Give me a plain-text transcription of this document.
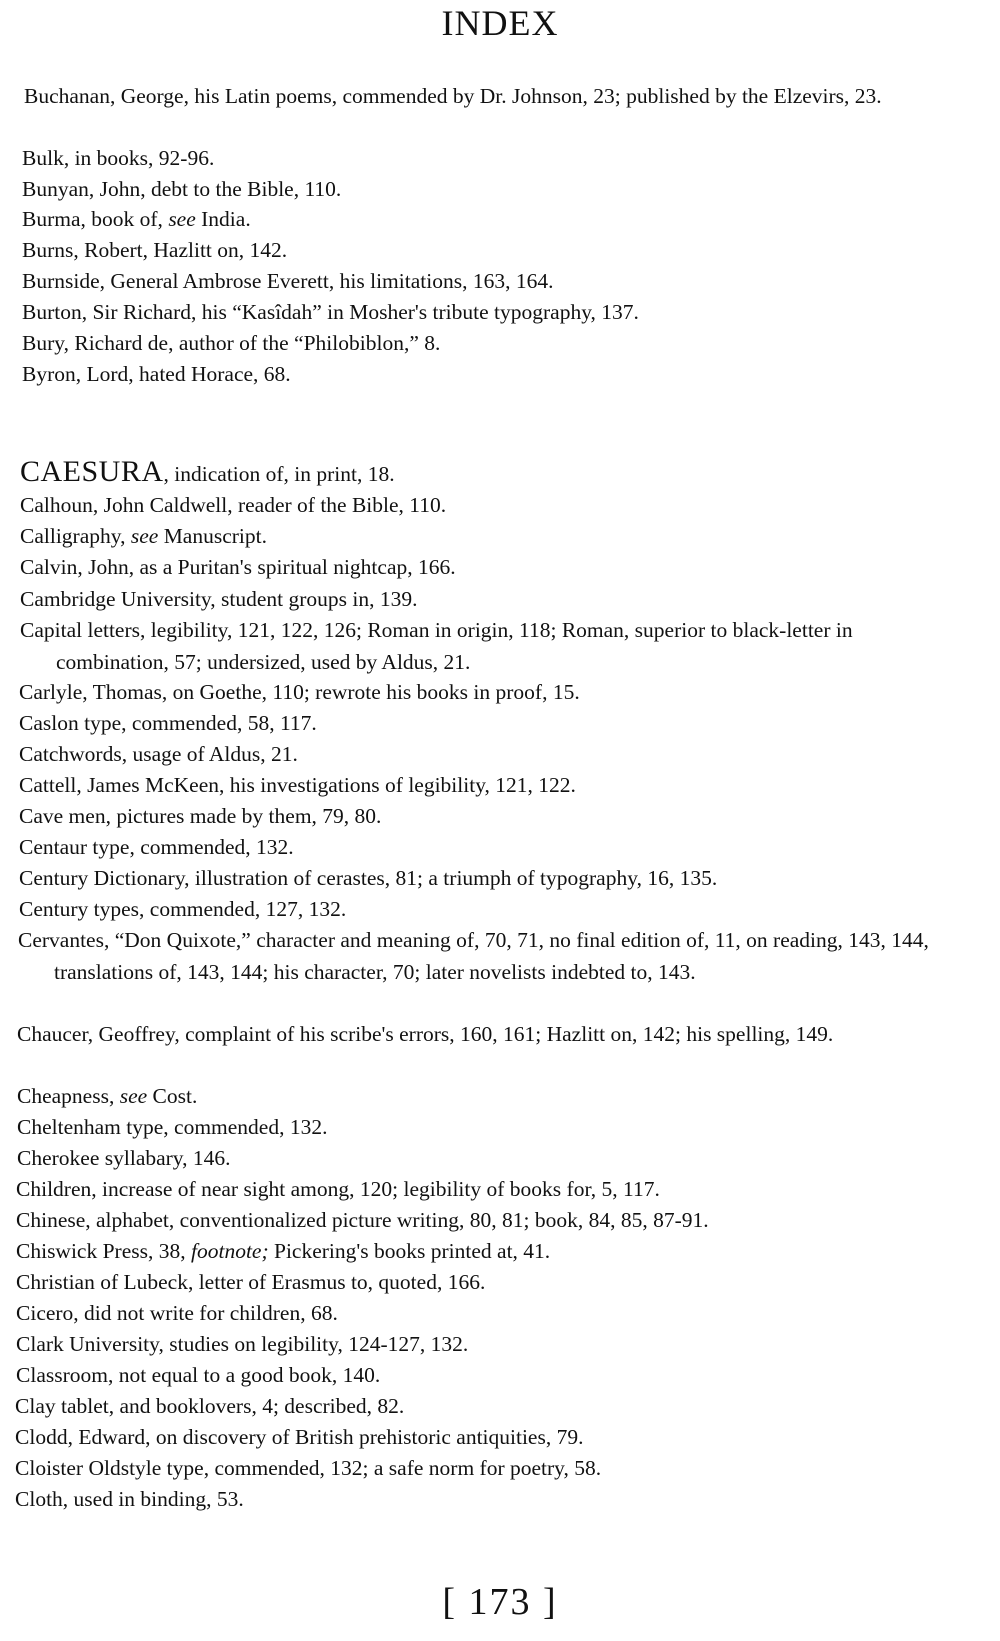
INDEX
Buchanan, George, his Latin poems, commended by Dr. Johnson, 23; published by the Elzevirs, 23.
Bulk, in books, 92-96.
Bunyan, John, debt to the Bible, 110.
Burma, book of, see India.
Burns, Robert, Hazlitt on, 142.
Burnside, General Ambrose Everett, his limitations, 163, 164.
Burton, Sir Richard, his “Kasîdah” in Mosher's tribute typography, 137.
Bury, Richard de, author of the “Philobiblon,” 8.
Byron, Lord, hated Horace, 68.
CAESURA, indication of, in print, 18.
Calhoun, John Caldwell, reader of the Bible, 110.
Calligraphy, see Manuscript.
Calvin, John, as a Puritan's spiritual nightcap, 166.
Cambridge University, student groups in, 139.
Capital letters, legibility, 121, 122, 126; Roman in origin, 118; Roman, superior to black-letter in combination, 57; undersized, used by Aldus, 21.
Carlyle, Thomas, on Goethe, 110; rewrote his books in proof, 15.
Caslon type, commended, 58, 117.
Catchwords, usage of Aldus, 21.
Cattell, James McKeen, his investigations of legibility, 121, 122.
Cave men, pictures made by them, 79, 80.
Centaur type, commended, 132.
Century Dictionary, illustration of cerastes, 81; a triumph of typography, 16, 135.
Century types, commended, 127, 132.
Cervantes, “Don Quixote,” character and meaning of, 70, 71, no final edition of, 11, on reading, 143, 144, translations of, 143, 144; his character, 70; later novelists indebted to, 143.
Chaucer, Geoffrey, complaint of his scribe's errors, 160, 161; Hazlitt on, 142; his spelling, 149.
Cheapness, see Cost.
Cheltenham type, commended, 132.
Cherokee syllabary, 146.
Children, increase of near sight among, 120; legibility of books for, 5, 117.
Chinese, alphabet, conventionalized picture writing, 80, 81; book, 84, 85, 87-91.
Chiswick Press, 38, footnote; Pickering's books printed at, 41.
Christian of Lubeck, letter of Erasmus to, quoted, 166.
Cicero, did not write for children, 68.
Clark University, studies on legibility, 124-127, 132.
Classroom, not equal to a good book, 140.
Clay tablet, and booklovers, 4; described, 82.
Clodd, Edward, on discovery of British prehistoric antiquities, 79.
Cloister Oldstyle type, commended, 132; a safe norm for poetry, 58.
Cloth, used in binding, 53.
[ 173 ]
